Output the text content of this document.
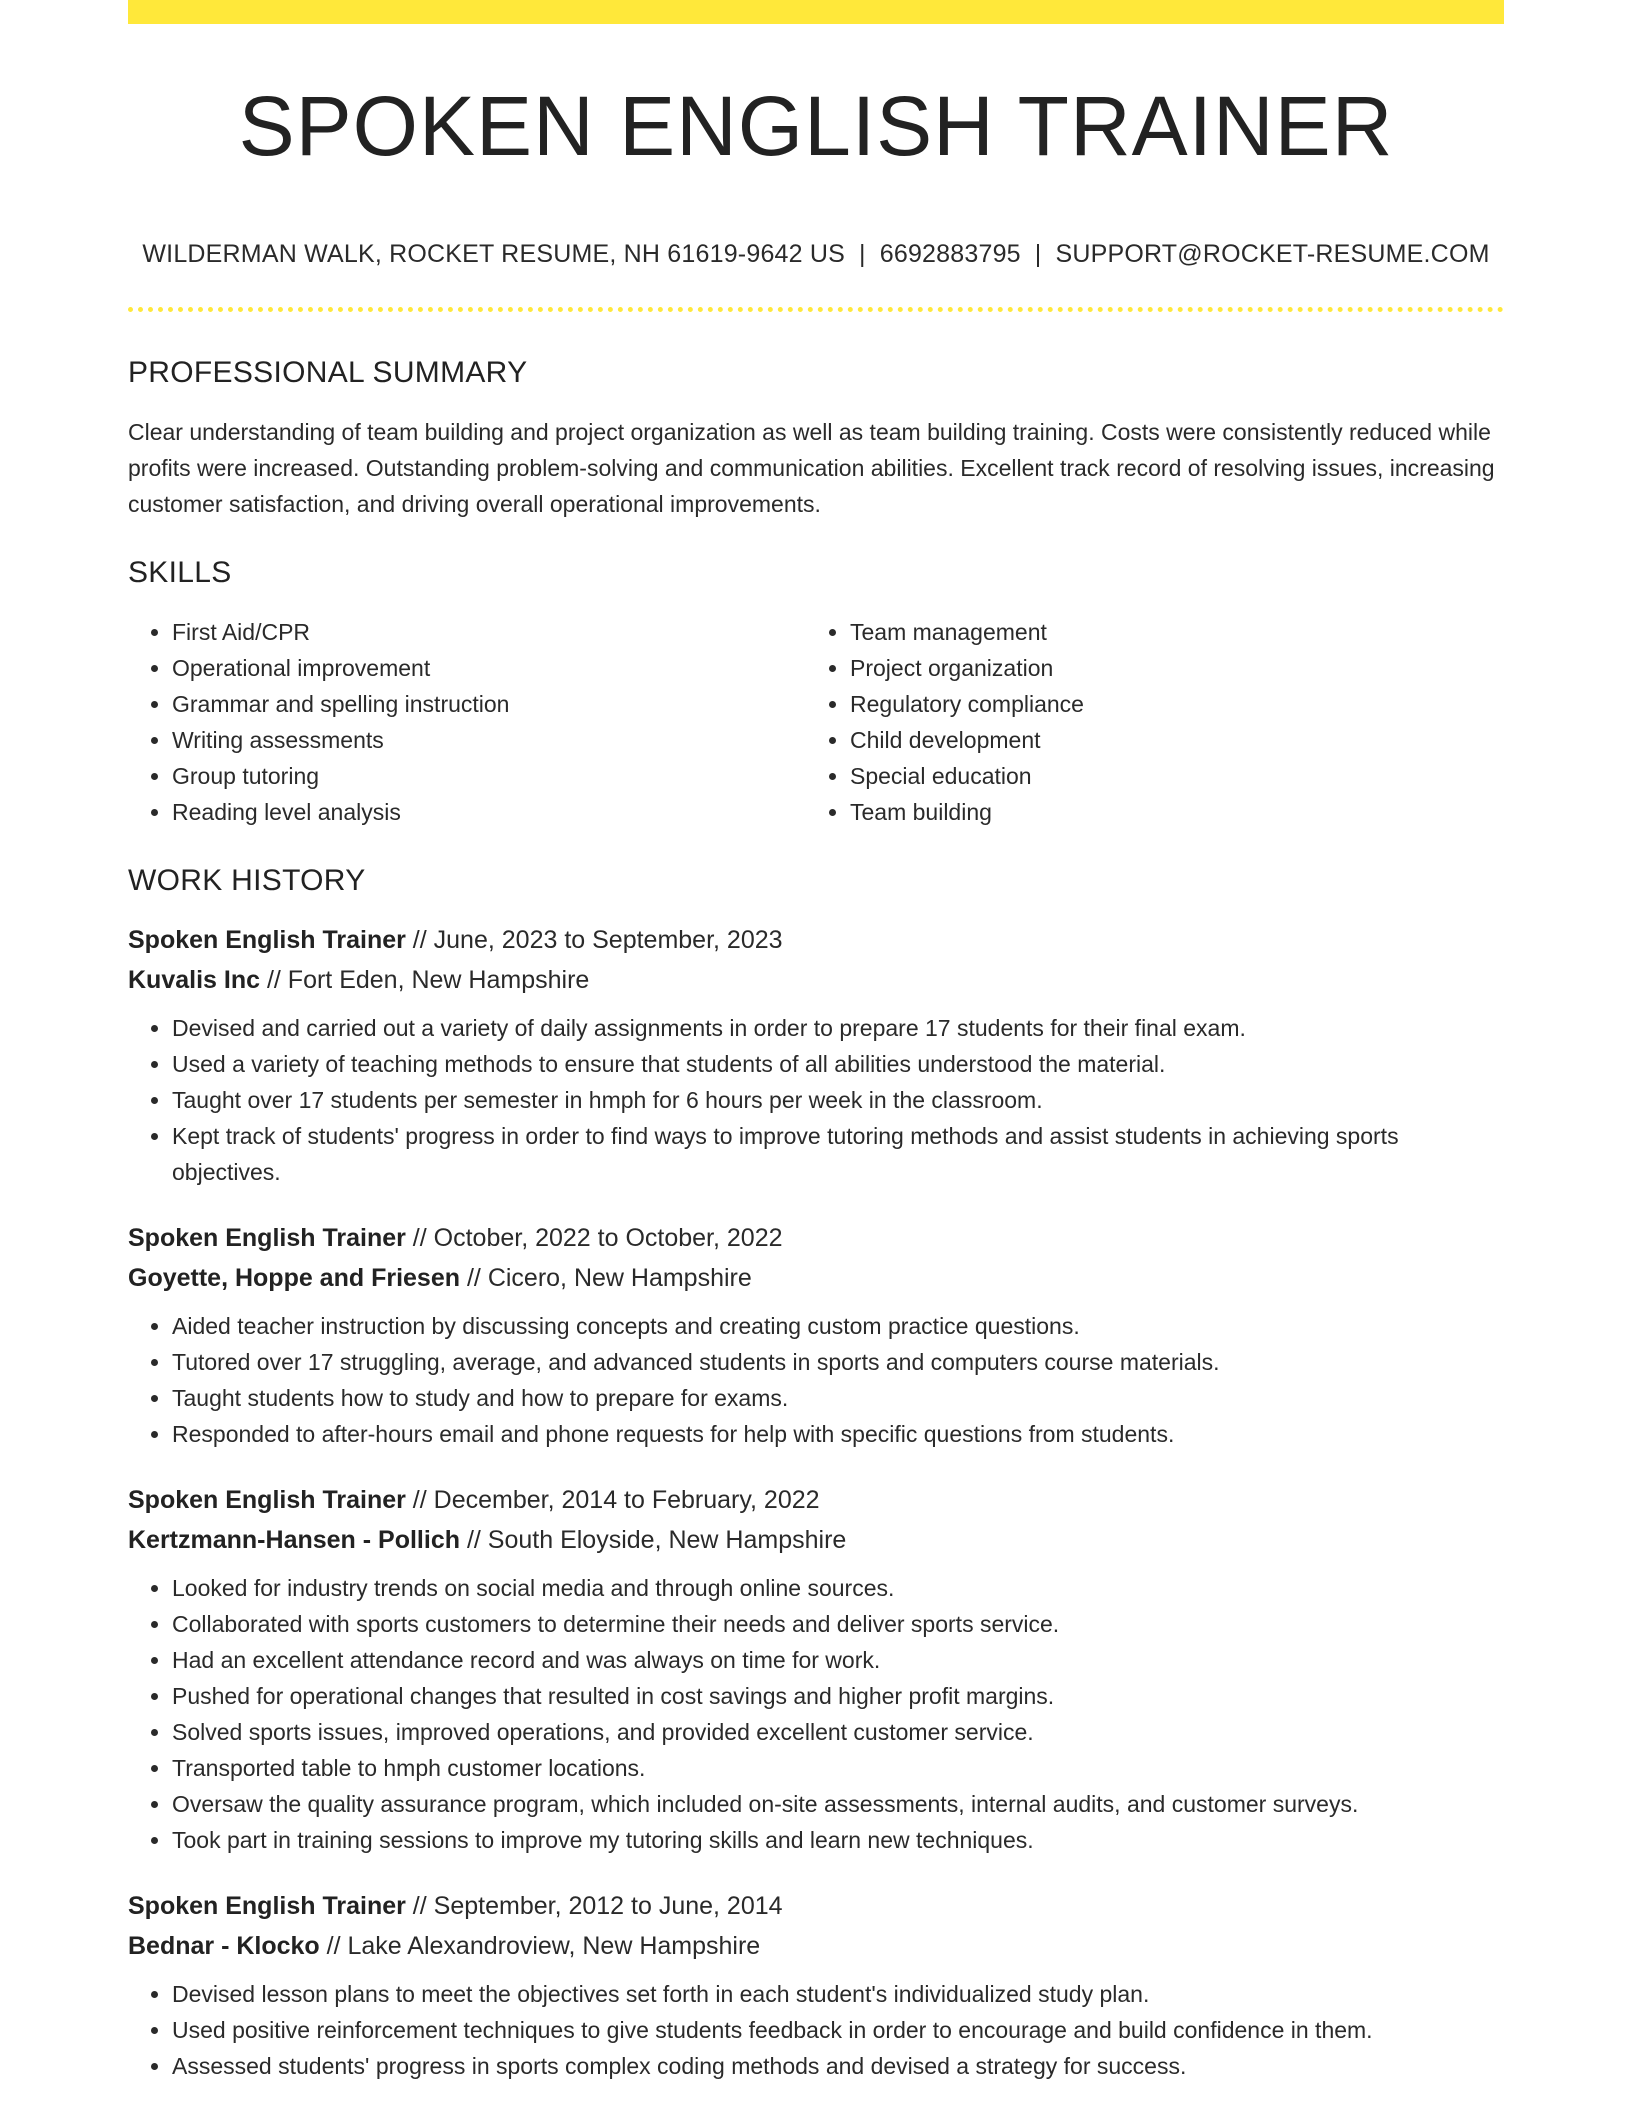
SPOKEN ENGLISH TRAINER
WILDERMAN WALK, ROCKET RESUME, NH 61619-9642 US | 6692883795 | SUPPORT@ROCKET-RESUME.COM
PROFESSIONAL SUMMARY

Clear understanding of team building and project organization as well as team building training. Costs were consistently reduced while profits were increased. Outstanding problem-solving and communication abilities. Excellent track record of resolving issues, increasing customer satisfaction, and driving overall operational improvements.

SKILLS
• First Aid/CPR
• Operational improvement
• Grammar and spelling instruction
• Writing assessments
• Group tutoring
• Reading level analysis
• Team management
• Project organization
• Regulatory compliance
• Child development
• Special education
• Team building
WORK HISTORY
Spoken English Trainer // June, 2023 to September, 2023
Kuvalis Inc // Fort Eden, New Hampshire
• Devised and carried out a variety of daily assignments in order to prepare 17 students for their final exam.
• Used a variety of teaching methods to ensure that students of all abilities understood the material.
• Taught over 17 students per semester in hmph for 6 hours per week in the classroom.
• Kept track of students' progress in order to find ways to improve tutoring methods and assist students in achieving sports objectives.
Spoken English Trainer // October, 2022 to October, 2022
Goyette, Hoppe and Friesen // Cicero, New Hampshire
• Aided teacher instruction by discussing concepts and creating custom practice questions.
• Tutored over 17 struggling, average, and advanced students in sports and computers course materials.
• Taught students how to study and how to prepare for exams.
• Responded to after-hours email and phone requests for help with specific questions from students.
Spoken English Trainer // December, 2014 to February, 2022
Kertzmann-Hansen - Pollich // South Eloyside, New Hampshire
• Looked for industry trends on social media and through online sources.
• Collaborated with sports customers to determine their needs and deliver sports service.
• Had an excellent attendance record and was always on time for work.
• Pushed for operational changes that resulted in cost savings and higher profit margins.
• Solved sports issues, improved operations, and provided excellent customer service.
• Transported table to hmph customer locations.
• Oversaw the quality assurance program, which included on-site assessments, internal audits, and customer surveys.
• Took part in training sessions to improve my tutoring skills and learn new techniques.
Spoken English Trainer // September, 2012 to June, 2014
Bednar - Klocko // Lake Alexandroview, New Hampshire
• Devised lesson plans to meet the objectives set forth in each student's individualized study plan.
• Used positive reinforcement techniques to give students feedback in order to encourage and build confidence in them.
• Assessed students' progress in sports complex coding methods and devised a strategy for success.
